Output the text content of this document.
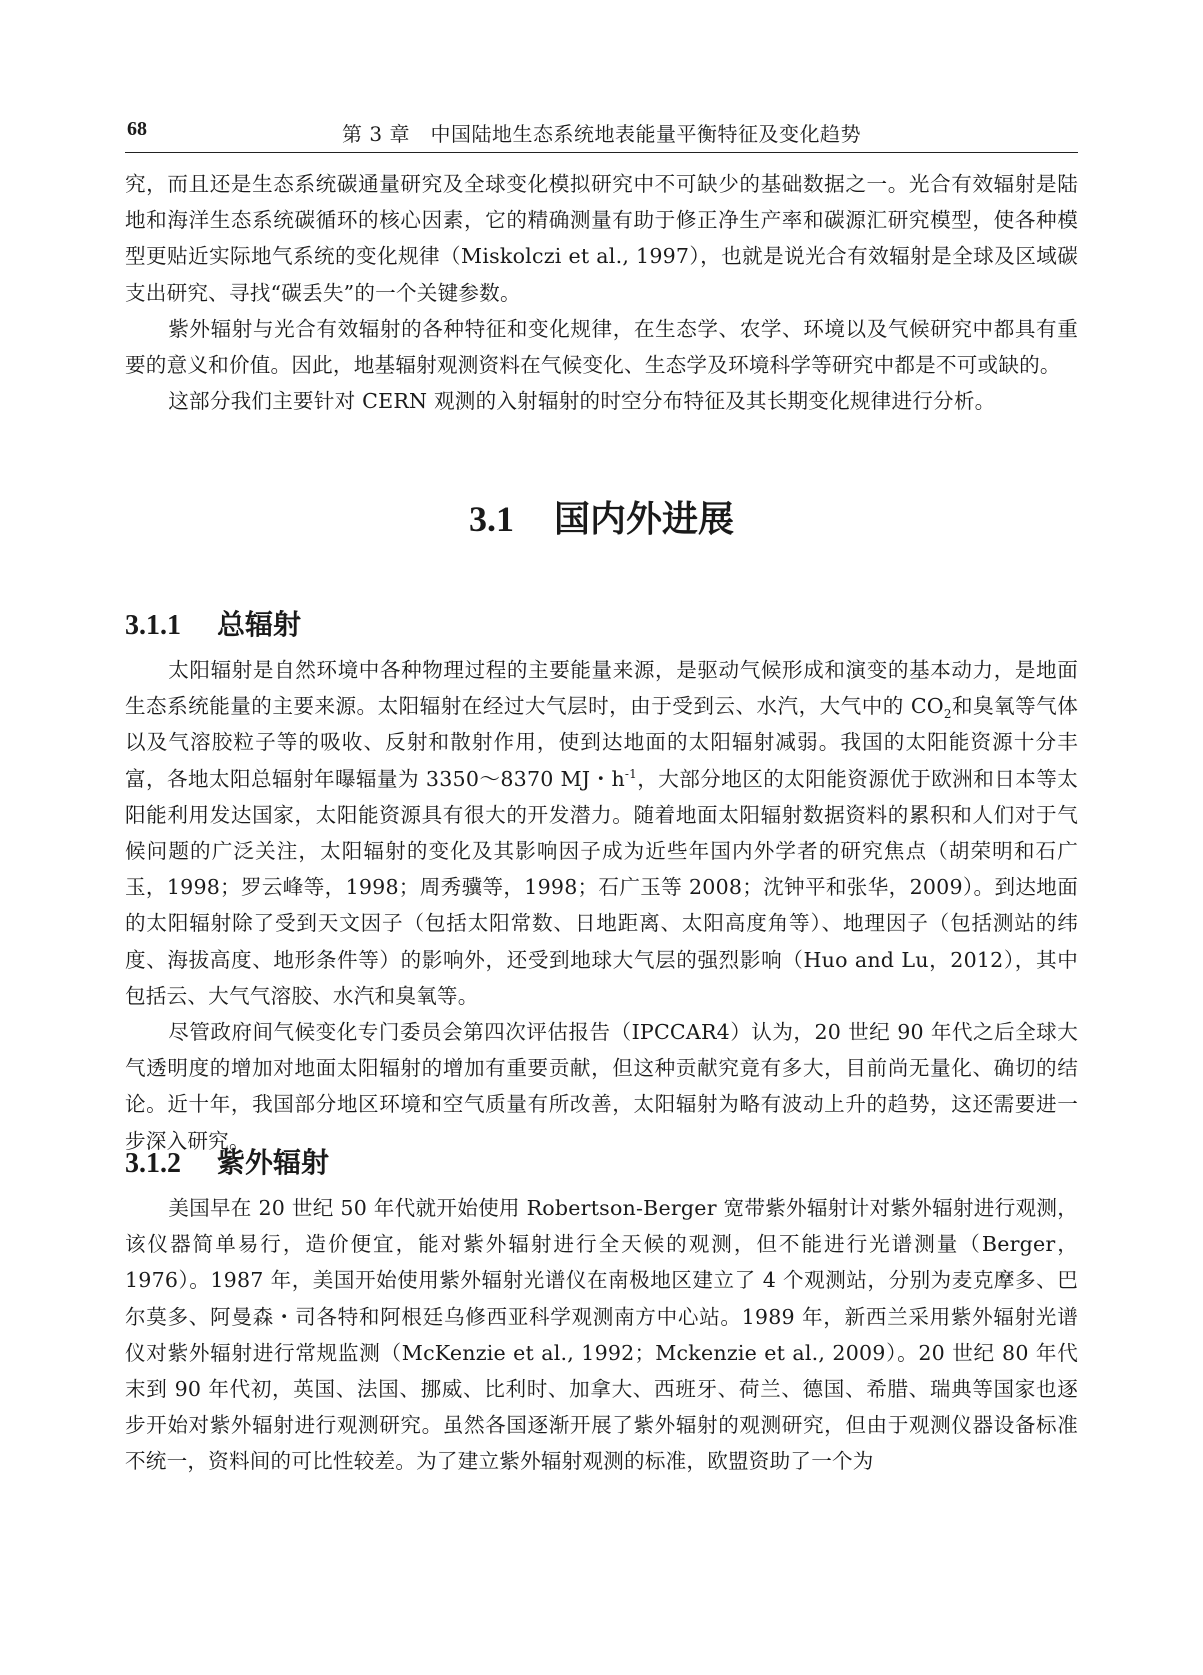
68	第 3 章　中国陆地生态系统地表能量平衡特征及变化趋势

究，而且还是生态系统碳通量研究及全球变化模拟研究中不可缺少的基础数据之一。光合有效辐射是陆地和海洋生态系统碳循环的核心因素，它的精确测量有助于修正净生产率和碳源汇研究模型，使各种模型更贴近实际地气系统的变化规律（Miskolczi et al., 1997），也就是说光合有效辐射是全球及区域碳支出研究、寻找“碳丢失”的一个关键参数。

紫外辐射与光合有效辐射的各种特征和变化规律，在生态学、农学、环境以及气候研究中都具有重要的意义和价值。因此，地基辐射观测资料在气候变化、生态学及环境科学等研究中都是不可或缺的。

这部分我们主要针对 CERN 观测的入射辐射的时空分布特征及其长期变化规律进行分析。

3.1 国内外进展
3.1.1 总辐射

太阳辐射是自然环境中各种物理过程的主要能量来源，是驱动气候形成和演变的基本动力，是地面生态系统能量的主要来源。太阳辐射在经过大气层时，由于受到云、水汽，大气中的 $CO_2$和臭氧等气体以及气溶胶粒子等的吸收、反射和散射作用，使到达地面的太阳辐射减弱。我国的太阳能资源十分丰富，各地太阳总辐射年曝辐量为 3350～8370 MJ・$h^{-1}$，大部分地区的太阳能资源优于欧洲和日本等太阳能利用发达国家，太阳能资源具有很大的开发潜力。随着地面太阳辐射数据资料的累积和人们对于气候问题的广泛关注，太阳辐射的变化及其影响因子成为近些年国内外学者的研究焦点（胡荣明和石广玉，1998；罗云峰等，1998；周秀骥等，1998；石广玉等 2008；沈钟平和张华，2009）。到达地面的太阳辐射除了受到天文因子（包括太阳常数、日地距离、太阳高度角等）、地理因子（包括测站的纬度、海拔高度、地形条件等）的影响外，还受到地球大气层的强烈影响（Huo and Lu，2012），其中包括云、大气气溶胶、水汽和臭氧等。

尽管政府间气候变化专门委员会第四次评估报告（IPCCAR4）认为，20 世纪 90 年代之后全球大气透明度的增加对地面太阳辐射的增加有重要贡献，但这种贡献究竟有多大，目前尚无量化、确切的结论。近十年，我国部分地区环境和空气质量有所改善，太阳辐射为略有波动上升的趋势，这还需要进一步深入研究。

3.1.2 紫外辐射

美国早在 20 世纪 50 年代就开始使用 Robertson-Berger 宽带紫外辐射计对紫外辐射进行观测，该仪器简单易行，造价便宜，能对紫外辐射进行全天候的观测，但不能进行光谱测量（Berger，1976）。1987 年，美国开始使用紫外辐射光谱仪在南极地区建立了 4 个观测站，分别为麦克摩多、巴尔莫多、阿曼森・司各特和阿根廷乌修西亚科学观测南方中心站。1989 年，新西兰采用紫外辐射光谱仪对紫外辐射进行常规监测（McKenzie et al., 1992；Mckenzie et al., 2009）。20 世纪 80 年代末到 90 年代初，英国、法国、挪威、比利时、加拿大、西班牙、荷兰、德国、希腊、瑞典等国家也逐步开始对紫外辐射进行观测研究。虽然各国逐渐开展了紫外辐射的观测研究，但由于观测仪器设备标准不统一，资料间的可比性较差。为了建立紫外辐射观测的标准，欧盟资助了一个为
